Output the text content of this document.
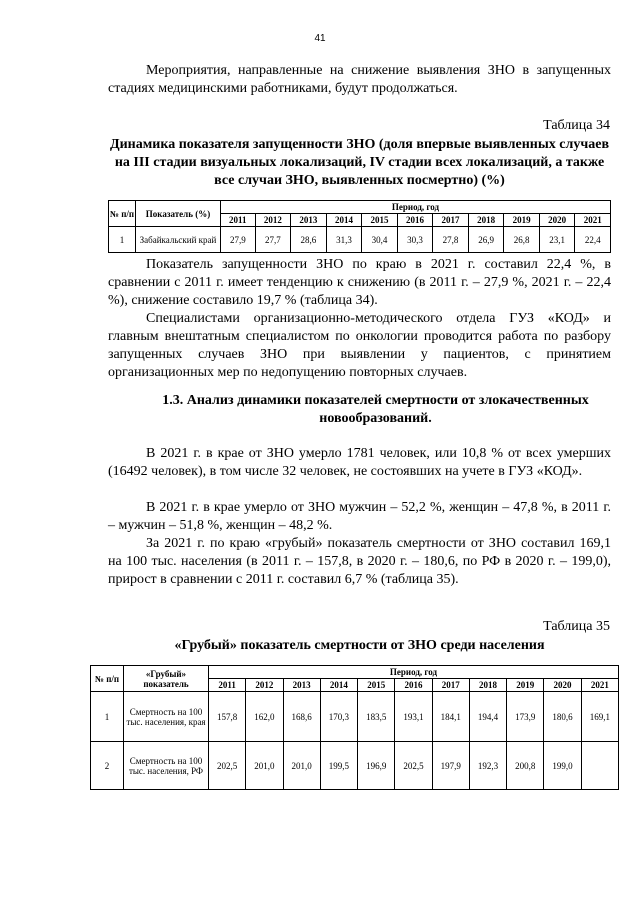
41

Мероприятия, направленные на снижение выявления ЗНО в запущенных стадиях медицинскими работниками, будут продолжаться.

Таблица 34

Динамика показателя запущенности ЗНО (доля впервые выявленных случаев на III стадии визуальных локализаций, IV стадии всех локализаций, а также все случаи ЗНО, выявленных посмертно) (%)

№ п/п	Показатель (%)	Период, год										
		2011	2012	2013	2014	2015	2016	2017	2018	2019	2020	2021
1	Забайкальский край	27,9	27,7	28,6	31,3	30,4	30,3	27,8	26,9	26,8	23,1	22,4

Показатель запущенности ЗНО по краю в 2021 г. составил 22,4 %, в сравнении с 2011 г. имеет тенденцию к снижению (в 2011 г. – 27,9 %, 2021 г. – 22,4 %), снижение составило 19,7 % (таблица 34).

Специалистами организационно-методического отдела ГУЗ «КОД» и главным внештатным специалистом по онкологии проводится работа по разбору запущенных случаев ЗНО при выявлении у пациентов, с принятием организационных мер по недопущению повторных случаев.

1.3. Анализ динамики показателей смертности от злокачественных новообразований.

В 2021 г. в крае от ЗНО умерло 1781 человек, или 10,8 % от всех умерших (16492 человек), в том числе 32 человек, не состоявших на учете в ГУЗ «КОД».

В 2021 г. в крае умерло от ЗНО мужчин – 52,2 %, женщин – 47,8 %, в 2011 г. – мужчин – 51,8 %, женщин – 48,2 %.

За 2021 г. по краю «грубый» показатель смертности от ЗНО составил 169,1 на 100 тыс. населения (в 2011 г. – 157,8, в 2020 г. – 180,6, по РФ в 2020 г. – 199,0), прирост в сравнении с 2011 г. составил 6,7 % (таблица 35).

Таблица 35

«Грубый» показатель смертности от ЗНО среди населения

№ п/п	«Грубый» показатель	Период, год										
		2011	2012	2013	2014	2015	2016	2017	2018	2019	2020	2021
1	Смертность на 100 тыс. населения, края	157,8	162,0	168,6	170,3	183,5	193,1	184,1	194,4	173,9	180,6	169,1
2	Смертность на 100 тыс. населения, РФ	202,5	201,0	201,0	199,5	196,9	202,5	197,9	192,3	200,8	199,0	
